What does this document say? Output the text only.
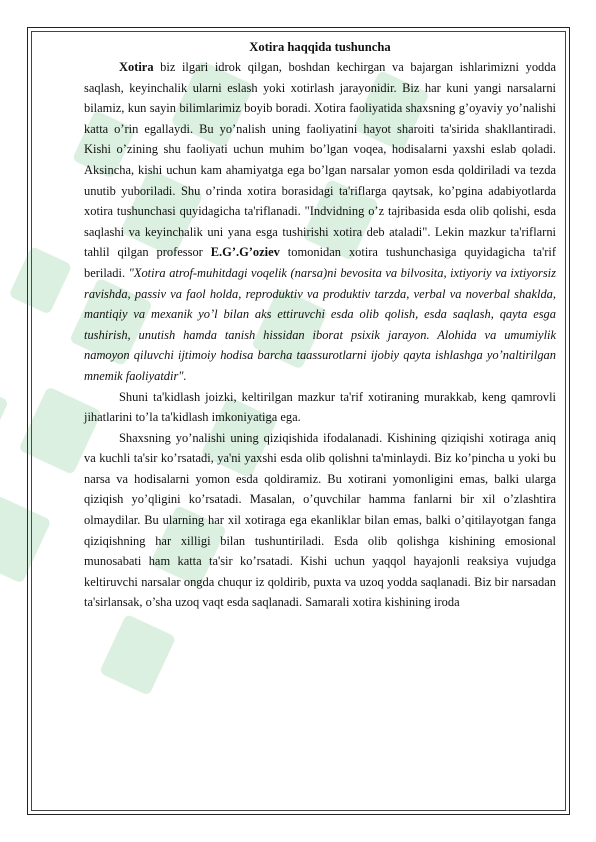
Xotira haqqida tushuncha

Xotira biz ilgari idrok qilgan, boshdan kechirgan va bajargan ishlarimizni yodda saqlash, keyinchalik ularni eslash yoki xotirlash jarayonidir. Biz har kuni yangi narsalarni bilamiz, kun sayin bilimlarimiz boyib boradi. Xotira faoliyatida shaxsning g’oyaviy yo’nalishi katta o’rin egallaydi. Bu yo’nalish uning faoliyatini hayot sharoiti ta'sirida shakllantiradi. Kishi o’zining shu faoliyati uchun muhim bo’lgan voqea, hodisalarni yaxshi eslab qoladi. Aksincha, kishi uchun kam ahamiyatga ega bo’lgan narsalar yomon esda qoldiriladi va tezda unutib yuboriladi. Shu o’rinda xotira borasidagi ta'riflarga qaytsak, ko’pgina adabiyotlarda xotira tushunchasi quyidagicha ta'riflanadi. "Indvidning o’z tajribasida esda olib qolishi, esda saqlashi va keyinchalik uni yana esga tushirishi xotira deb ataladi". Lekin mazkur ta'riflarni tahlil qilgan professor E.G’.G’oziev tomonidan xotira tushunchasiga quyidagicha ta'rif beriladi. "Xotira atrof-muhitdagi voqelik (narsa)ni bevosita va bilvosita, ixtiyoriy va ixtiyorsiz ravishda, passiv va faol holda, reproduktiv va produktiv tarzda, verbal va noverbal shaklda, mantiqiy va mexanik yo’l bilan aks ettiruvchi esda olib qolish, esda saqlash, qayta esga tushirish, unutish hamda tanish hissidan iborat psixik jarayon. Alohida va umumiylik namoyon qiluvchi ijtimoiy hodisa barcha taassurotlarni ijobiy qayta ishlashga yo’naltirilgan mnemik faoliyatdir".

Shuni ta'kidlash joizki, keltirilgan mazkur ta'rif xotiraning murakkab, keng qamrovli jihatlarini to’la ta'kidlash imkoniyatiga ega.

Shaxsning yo’nalishi uning qiziqishida ifodalanadi. Kishining qiziqishi xotiraga aniq va kuchli ta'sir ko’rsatadi, ya'ni yaxshi esda olib qolishni ta'minlaydi. Biz ko’pincha u yoki bu narsa va hodisalarni yomon esda qoldiramiz. Bu xotirani yomonligini emas, balki ularga qiziqish yo’qligini ko’rsatadi. Masalan, o’quvchilar hamma fanlarni bir xil o’zlashtira olmaydilar. Bu ularning har xil xotiraga ega ekanliklar bilan emas, balki o’qitilayotgan fanga qiziqishning har xilligi bilan tushuntiriladi. Esda olib qolishga kishining emosional munosabati ham katta ta'sir ko’rsatadi. Kishi uchun yaqqol hayajonli reaksiya vujudga keltiruvchi narsalar ongda chuqur iz qoldirib, puxta va uzoq yodda saqlanadi. Biz bir narsadan ta'sirlansak, o’sha uzoq vaqt esda saqlanadi. Samarali xotira kishining iroda
